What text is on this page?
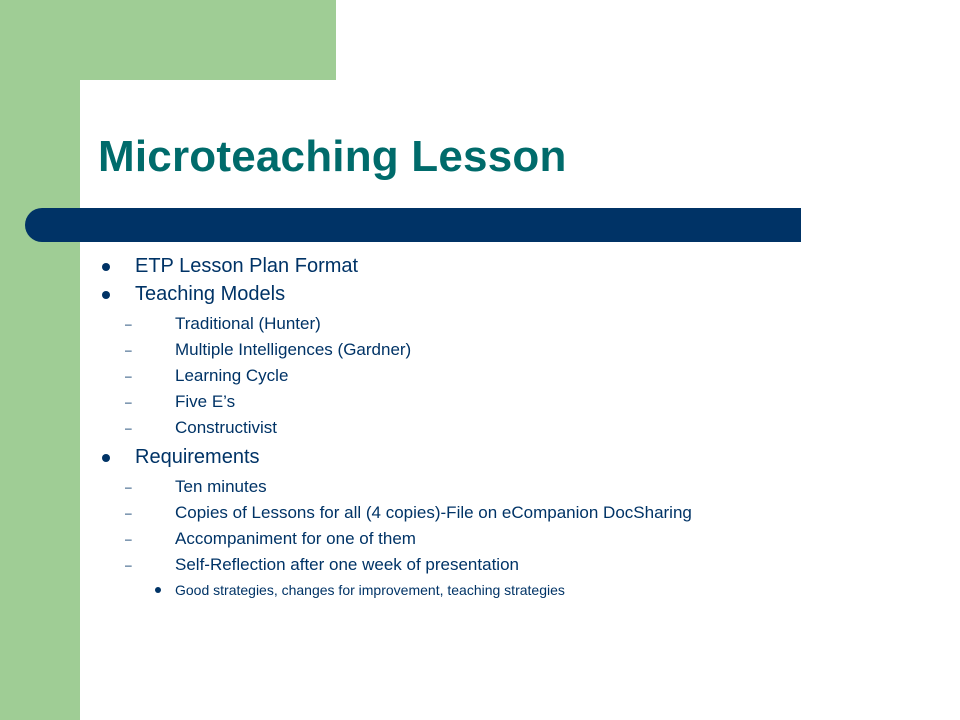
Microteaching Lesson
ETP Lesson Plan Format
Teaching Models
–	Traditional (Hunter)
–	Multiple Intelligences (Gardner)
–	Learning Cycle
–	Five E’s
–	Constructivist
Requirements
–	Ten minutes
–	Copies of Lessons for all (4 copies)-File on eCompanion DocSharing
–	Accompaniment for one of them
–	Self-Reflection after one week of presentation
Good strategies, changes for improvement, teaching strategies
